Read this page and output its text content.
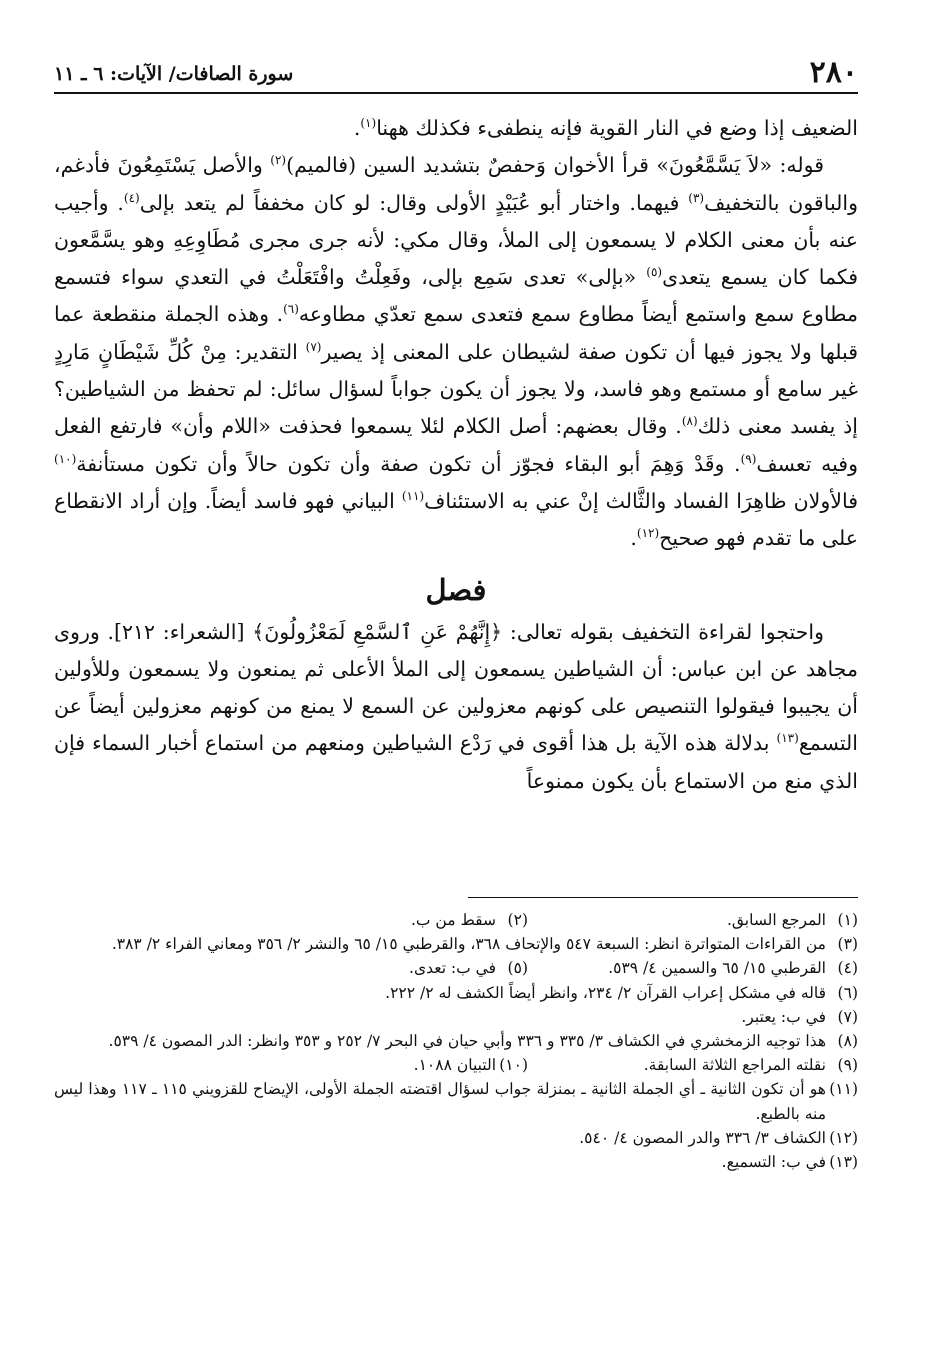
٢٨٠
سورة الصافات/ الآيات: ٦ ـ ١١

الضعيف إذا وضع في النار القوية فإنه ينطفىء فكذلك ههنا$^{(١)}$.

قوله: «لاَ يَسَّمَّعُونَ» قرأ الأخوان وَحفصٌ بتشديد السين (فالميم)$^{(٢)}$ والأصل يَسْتَمِعُونَ فأدغم، والباقون بالتخفيف$^{(٣)}$ فيهما. واختار أبو عُبَيْدٍ الأولى وقال: لو كان مخففاً لم يتعد بإلى$^{(٤)}$. وأجيب عنه بأن معنى الكلام لا يسمعون إلى الملأ، وقال مكي: لأنه جرى مجرى مُطَاوِعِهِ وهو يسَّمَّعون فكما كان يسمع يتعدى$^{(٥)}$ «بإلى» تعدى سَمِع بإلى، وفَعِلْتُ وافْتَعَلْتُ في التعدي سواء فتسمع مطاوع سمع واستمع أيضاً مطاوع سمع فتعدى سمع تعدّي مطاوعه$^{(٦)}$. وهذه الجملة منقطعة عما قبلها ولا يجوز فيها أن تكون صفة لشيطان على المعنى إذ يصير$^{(٧)}$ التقدير: مِنْ كُلِّ شَيْطَانٍ مَارِدٍ غير سامع أو مستمع وهو فاسد، ولا يجوز أن يكون جواباً لسؤال سائل: لم تحفظ من الشياطين؟ إذ يفسد معنى ذلك$^{(٨)}$. وقال بعضهم: أصل الكلام لئلا يسمعوا فحذفت «اللام وأن» فارتفع الفعل وفيه تعسف$^{(٩)}$. وقَدْ وَهِمَ أبو البقاء فجوّز أن تكون صفة وأن تكون حالاً وأن تكون مستأنفة$^{(١٠)}$ فالأولان ظاهِرَا الفساد والثَّالث إنْ عني به الاستئناف$^{(١١)}$ البياني فهو فاسد أيضاً. وإن أراد الانقطاع على ما تقدم فهو صحيح$^{(١٢)}$.

فصل

واحتجوا لقراءة التخفيف بقوله تعالى: ﴿إِنَّهُمْ عَنِ ٱلسَّمْعِ لَمَعْزُولُونَ﴾ [الشعراء: ٢١٢]. وروى مجاهد عن ابن عباس: أن الشياطين يسمعون إلى الملأ الأعلى ثم يمنعون ولا يسمعون وللأولين أن يجيبوا فيقولوا التنصيص على كونهم معزولين عن السمع لا يمنع من كونهم معزولين أيضاً عن التسمع$^{(١٣)}$ بدلالة هذه الآية بل هذا أقوى في رَدْع الشياطين ومنعهم من استماع أخبار السماء فإن الذي منع من الاستماع بأن يكون ممنوعاً

(١)
المرجع السابق.
(٢)
سقط من ب.
(٣)
من القراءات المتواترة انظر: السبعة ٥٤٧ والإتحاف ٣٦٨، والقرطبي ١٥/ ٦٥ والنشر ٢/ ٣٥٦ ومعاني الفراء ٢/ ٣٨٣.
(٤)
القرطبي ١٥/ ٦٥ والسمين ٤/ ٥٣٩.
(٥)
في ب: تعدى.
(٦)
قاله في مشكل إعراب القرآن ٢/ ٢٣٤، وانظر أيضاً الكشف له ٢/ ٢٢٢.
(٧)
في ب: يعتبر.
(٨)
هذا توجيه الزمخشري في الكشاف ٣/ ٣٣٥ و ٣٣٦ وأبي حيان في البحر ٧/ ٢٥٢ و ٣٥٣ وانظر: الدر المصون ٤/ ٥٣٩.
(٩)
نقلته المراجع الثلاثة السابقة.
(١٠)
التبيان ١٠٨٨.
(١١)
هو أن تكون الثانية ـ أي الجملة الثانية ـ بمنزلة جواب لسؤال اقتضته الجملة الأولى، الإيضاح للقزويني ١١٥ ـ ١١٧ وهذا ليس منه بالطبع.
(١٢)
الكشاف ٣/ ٣٣٦ والدر المصون ٤/ ٥٤٠.
(١٣)
في ب: التسميع.
